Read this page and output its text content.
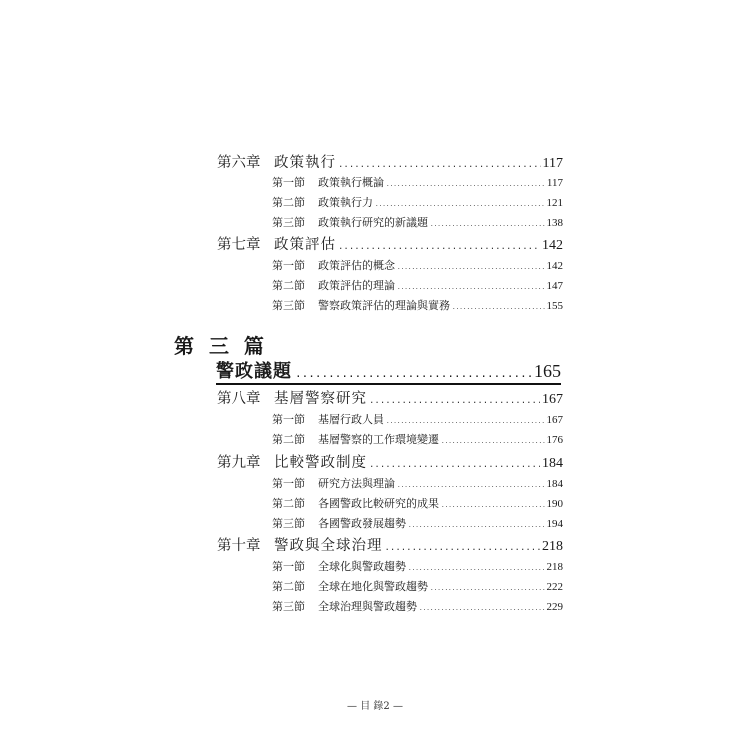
第六章 政策執行 .....	117
第一節 政策執行概論 .....	117
第二節 政策執行力 .....	121
第三節 政策執行研究的新議題 .....	138
第七章 政策評估 .....	142
第一節 政策評估的概念 .....	142
第二節 政策評估的理論 .....	147
第三節 警察政策評估的理論與實務 .....	155
第 三 篇
警政議題 .....	165
第八章 基層警察研究 .....	167
第一節 基層行政人員 .....	167
第二節 基層警察的工作環境變遷 .....	176
第九章 比較警政制度 .....	184
第一節 研究方法與理論 .....	184
第二節 各國警政比較研究的成果 .....	190
第三節 各國警政發展趨勢 .....	194
第十章 警政與全球治理 .....	218
第一節 全球化與警政趨勢 .....	218
第二節 全球在地化與警政趨勢 .....	222
第三節 全球治理與警政趨勢 .....	229
— 目 錄2 —
